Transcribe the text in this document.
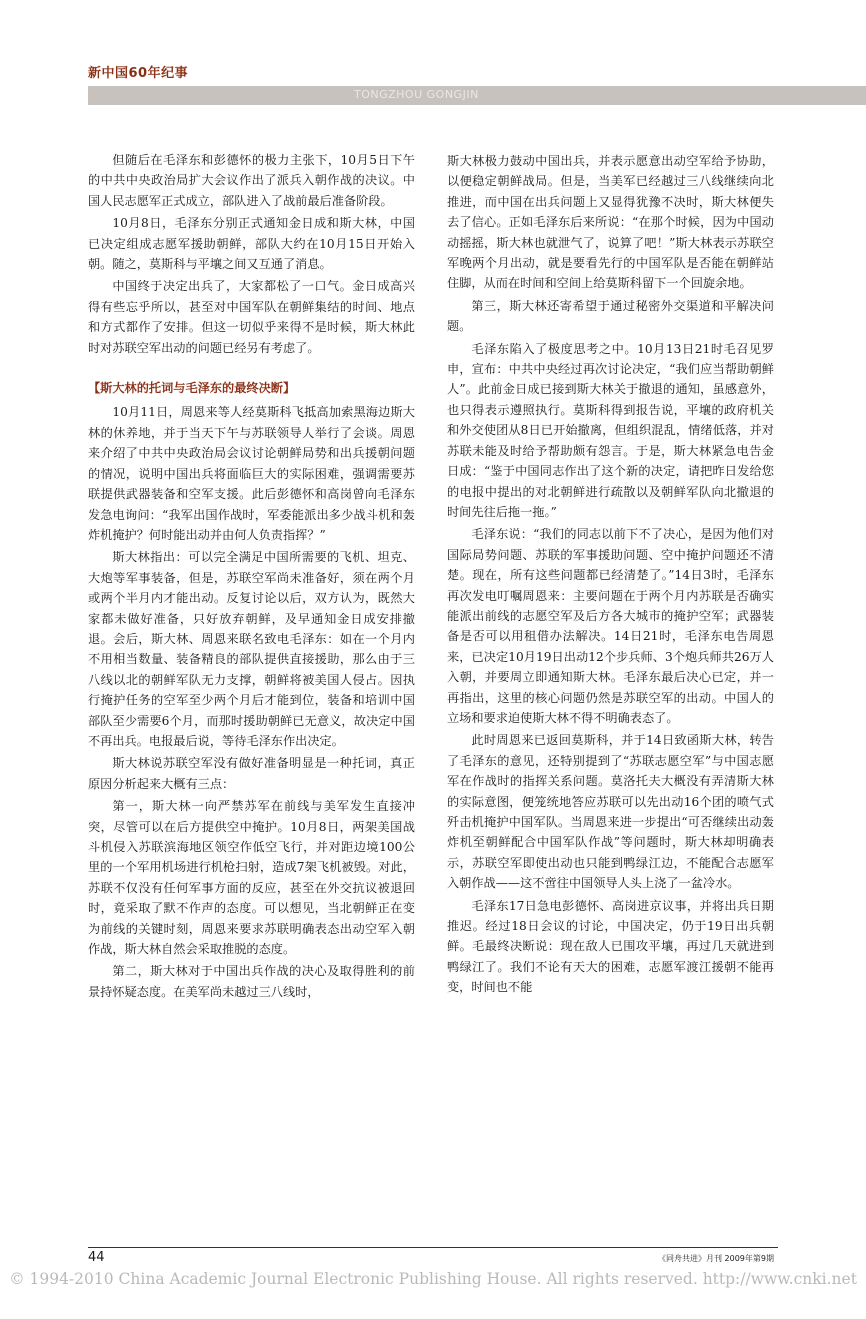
新中国60年纪事
TONGZHOU GONGJIN

但随后在毛泽东和彭德怀的极力主张下，10月5日下午的中共中央政治局扩大会议作出了派兵入朝作战的决议。中国人民志愿军正式成立，部队进入了战前最后准备阶段。

10月8日，毛泽东分别正式通知金日成和斯大林，中国已决定组成志愿军援助朝鲜，部队大约在10月15日开始入朝。随之，莫斯科与平壤之间又互通了消息。

中国终于决定出兵了，大家都松了一口气。金日成高兴得有些忘乎所以，甚至对中国军队在朝鲜集结的时间、地点和方式都作了安排。但这一切似乎来得不是时候，斯大林此时对苏联空军出动的问题已经另有考虑了。

【斯大林的托词与毛泽东的最终决断】

10月11日，周恩来等人经莫斯科飞抵高加索黑海边斯大林的休养地，并于当天下午与苏联领导人举行了会谈。周恩来介绍了中共中央政治局会议讨论朝鲜局势和出兵援朝问题的情况，说明中国出兵将面临巨大的实际困难，强调需要苏联提供武器装备和空军支援。此后彭德怀和高岗曾向毛泽东发急电询问：“我军出国作战时，军委能派出多少战斗机和轰炸机掩护？何时能出动并由何人负责指挥？”

斯大林指出：可以完全满足中国所需要的飞机、坦克、大炮等军事装备，但是，苏联空军尚未准备好，须在两个月或两个半月内才能出动。反复讨论以后，双方认为，既然大家都未做好准备，只好放弃朝鲜，及早通知金日成安排撤退。会后，斯大林、周恩来联名致电毛泽东：如在一个月内不用相当数量、装备精良的部队提供直接援助，那么由于三八线以北的朝鲜军队无力支撑，朝鲜将被美国人侵占。因执行掩护任务的空军至少两个月后才能到位，装备和培训中国部队至少需要6个月，而那时援助朝鲜已无意义，故决定中国不再出兵。电报最后说，等待毛泽东作出决定。

斯大林说苏联空军没有做好准备明显是一种托词，真正原因分析起来大概有三点：

第一，斯大林一向严禁苏军在前线与美军发生直接冲突，尽管可以在后方提供空中掩护。10月8日，两架美国战斗机侵入苏联滨海地区领空作低空飞行，并对距边境100公里的一个军用机场进行机枪扫射，造成7架飞机被毁。对此，苏联不仅没有任何军事方面的反应，甚至在外交抗议被退回时，竟采取了默不作声的态度。可以想见，当北朝鲜正在变为前线的关键时刻，周恩来要求苏联明确表态出动空军入朝作战，斯大林自然会采取推脱的态度。

第二，斯大林对于中国出兵作战的决心及取得胜利的前景持怀疑态度。在美军尚未越过三八线时，

斯大林极力鼓动中国出兵，并表示愿意出动空军给予协助，以便稳定朝鲜战局。但是，当美军已经越过三八线继续向北推进，而中国在出兵问题上又显得犹豫不决时，斯大林便失去了信心。正如毛泽东后来所说：“在那个时候，因为中国动动摇摇，斯大林也就泄气了，说算了吧！”斯大林表示苏联空军晚两个月出动，就是要看先行的中国军队是否能在朝鲜站住脚，从而在时间和空间上给莫斯科留下一个回旋余地。

第三，斯大林还寄希望于通过秘密外交渠道和平解决问题。

毛泽东陷入了极度思考之中。10月13日21时毛召见罗申，宣布：中共中央经过再次讨论决定，“我们应当帮助朝鲜人”。此前金日成已接到斯大林关于撤退的通知，虽感意外，也只得表示遵照执行。莫斯科得到报告说，平壤的政府机关和外交使团从8日已开始撤离，但组织混乱，情绪低落，并对苏联未能及时给予帮助颇有怨言。于是，斯大林紧急电告金日成：“鉴于中国同志作出了这个新的决定，请把昨日发给您的电报中提出的对北朝鲜进行疏散以及朝鲜军队向北撤退的时间先往后拖一拖。”

毛泽东说：“我们的同志以前下不了决心，是因为他们对国际局势问题、苏联的军事援助问题、空中掩护问题还不清楚。现在，所有这些问题都已经清楚了。”14日3时，毛泽东再次发电叮嘱周恩来：主要问题在于两个月内苏联是否确实能派出前线的志愿空军及后方各大城市的掩护空军；武器装备是否可以用租借办法解决。14日21时，毛泽东电告周恩来，已决定10月19日出动12个步兵师、3个炮兵师共26万人入朝，并要周立即通知斯大林。毛泽东最后决心已定，并一再指出，这里的核心问题仍然是苏联空军的出动。中国人的立场和要求迫使斯大林不得不明确表态了。

此时周恩来已返回莫斯科，并于14日致函斯大林，转告了毛泽东的意见，还特别提到了“苏联志愿空军”与中国志愿军在作战时的指挥关系问题。莫洛托夫大概没有弄清斯大林的实际意图，便笼统地答应苏联可以先出动16个团的喷气式歼击机掩护中国军队。当周恩来进一步提出“可否继续出动轰炸机至朝鲜配合中国军队作战”等问题时，斯大林却明确表示，苏联空军即使出动也只能到鸭绿江边，不能配合志愿军入朝作战——这不啻往中国领导人头上浇了一盆冷水。

毛泽东17日急电彭德怀、高岗进京议事，并将出兵日期推迟。经过18日会议的讨论，中国决定，仍于19日出兵朝鲜。毛最终决断说：现在敌人已围攻平壤，再过几天就进到鸭绿江了。我们不论有天大的困难，志愿军渡江援朝不能再变，时间也不能

44	《同舟共进》月刊 2009年第9期
© 1994-2010 China Academic Journal Electronic Publishing House. All rights reserved. http://www.cnki.net
